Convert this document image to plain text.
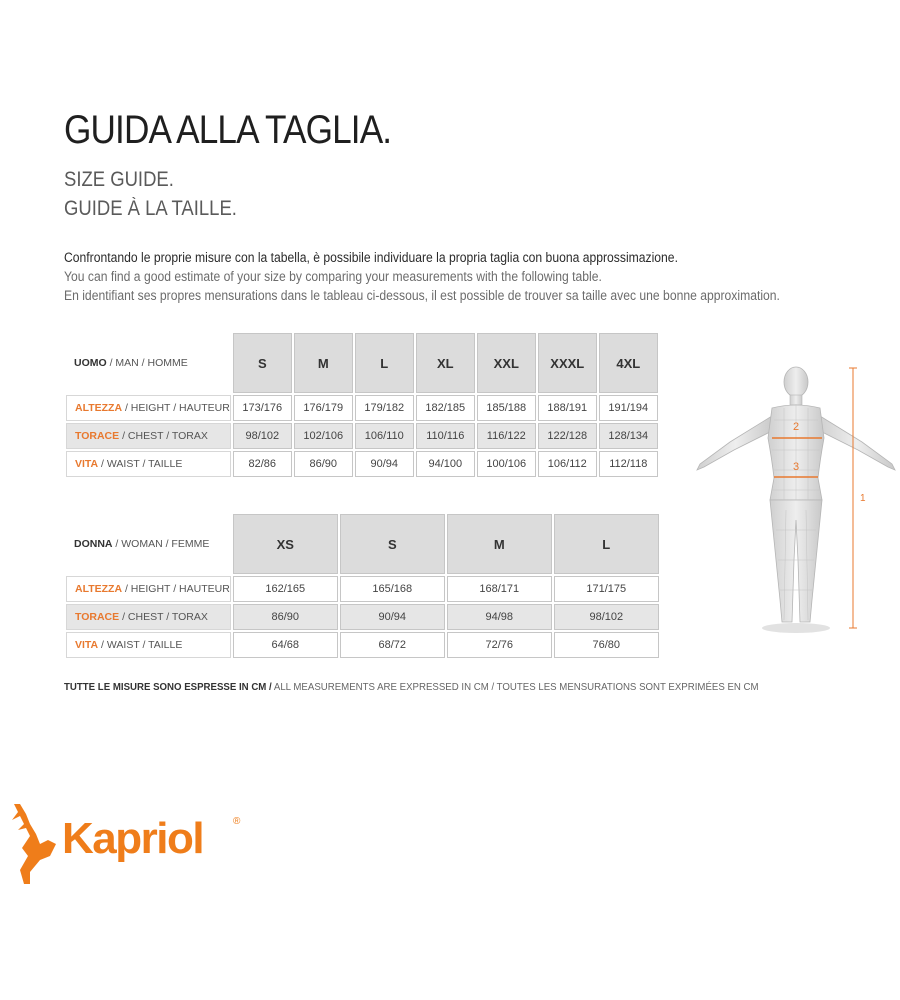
GUIDA ALLA TAGLIA.
SIZE GUIDE.
GUIDE À LA TAILLE.
Confrontando le proprie misure con la tabella, è possibile individuare la propria taglia con buona approssimazione.
You can find a good estimate of your size by comparing your measurements with the following table.
En identifiant ses propres mensurations dans le tableau ci-dessous, il est possible de trouver sa taille avec une bonne approximation.
UOMO / MAN / HOMME	S	M	L	XL	XXL	XXXL	4XL
ALTEZZA / HEIGHT / HAUTEUR	173/176	176/179	179/182	182/185	185/188	188/191	191/194
TORACE / CHEST / TORAX	98/102	102/106	106/110	110/116	116/122	122/128	128/134
VITA / WAIST / TAILLE	82/86	86/90	90/94	94/100	100/106	106/112	112/118
DONNA / WOMAN / FEMME	XS	S	M	L
ALTEZZA / HEIGHT / HAUTEUR	162/165	165/168	168/171	171/175
TORACE / CHEST / TORAX	86/90	90/94	94/98	98/102
VITA / WAIST / TAILLE	64/68	68/72	72/76	76/80
TUTTE LE MISURE SONO ESPRESSE IN CM / ALL MEASUREMENTS ARE EXPRESSED IN CM / TOUTES LES MENSURATIONS SONT EXPRIMÉES EN CM
1
2
3
Kapriol	®
